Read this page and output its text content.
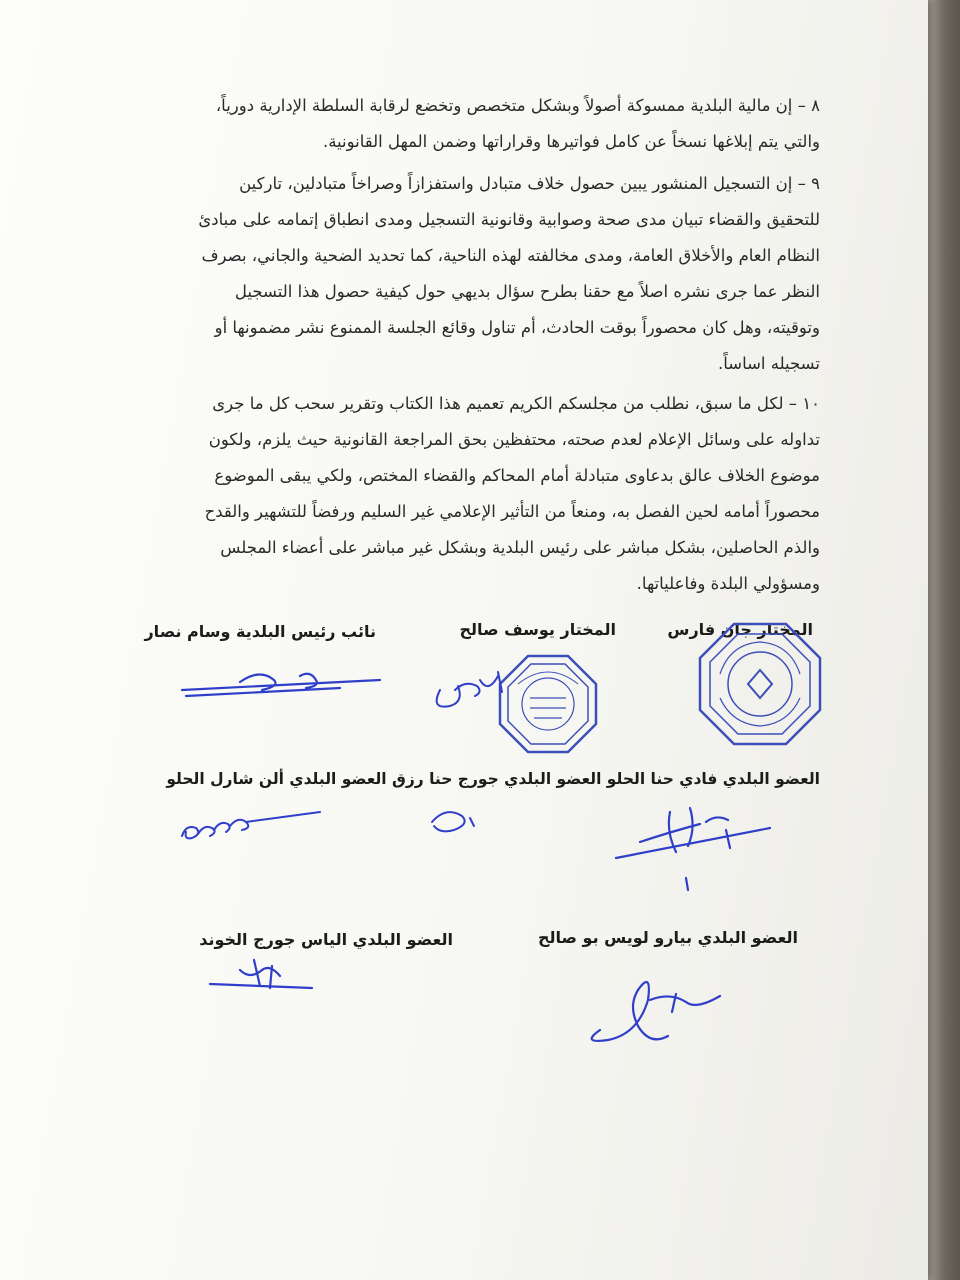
٨ – إن مالية البلدية ممسوكة أصولاً وبشكل متخصص وتخضع لرقابة السلطة الإدارية دورياً،
والتي يتم إبلاغها نسخاً عن كامل فواتيرها وقراراتها وضمن المهل القانونية.
٩ – إن التسجيل المنشور يبين حصول خلاف متبادل واستفزازاً وصراخاً متبادلين، تاركين
للتحقيق والقضاء تبيان مدى صحة وصوابية وقانونية التسجيل ومدى انطباق إتمامه على مبادئ
النظام العام والأخلاق العامة، ومدى مخالفته لهذه الناحية، كما تحديد الضحية والجاني، بصرف
النظر عما جرى نشره اصلاً مع حقنا بطرح سؤال بديهي حول كيفية حصول هذا التسجيل
وتوقيته، وهل كان محصوراً بوقت الحادث، أم تناول وقائع الجلسة الممنوع نشر مضمونها أو
تسجيله اساساً.
١٠ – لكل ما سبق، نطلب من مجلسكم الكريم تعميم هذا الكتاب وتقرير سحب كل ما جرى
تداوله على وسائل الإعلام لعدم صحته، محتفظين بحق المراجعة القانونية حيث يلزم، ولكون
موضوع الخلاف عالق بدعاوى متبادلة أمام المحاكم والقضاء المختص، ولكي يبقى الموضوع
محصوراً أمامه لحين الفصل به، ومنعاً من التأثير الإعلامي غير السليم ورفضاً للتشهير والقدح
والذم الحاصلين، بشكل مباشر على رئيس البلدية وبشكل غير مباشر على أعضاء المجلس
ومسؤولي البلدة وفاعلياتها.
المختار جان فارس
المختار يوسف صالح
نائب رئيس البلدية وسام نصار
العضو البلدي فادي حنا الحلو العضو البلدي جورج حنا رزق العضو البلدي ألن شارل الحلو
العضو البلدي بيارو لويس بو صالح
العضو البلدي الياس جورج الخوند
